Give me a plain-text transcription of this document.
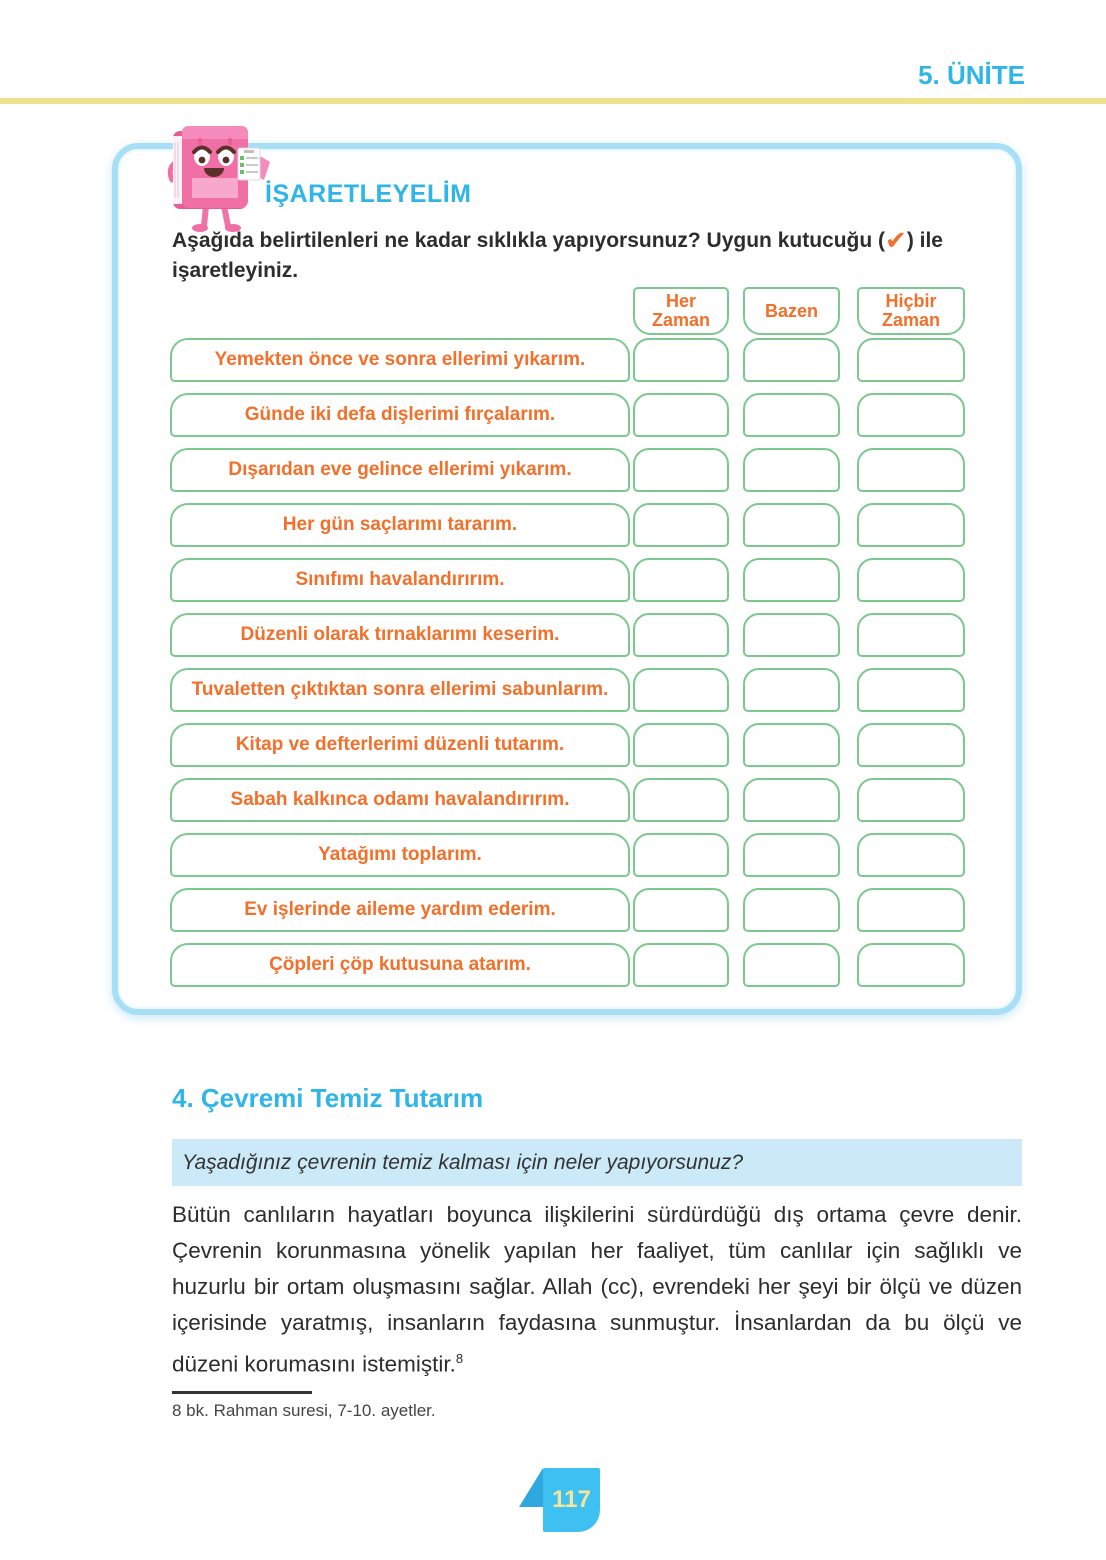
5. ÜNİTE
İŞARETLEYELİM

Aşağıda belirtilenleri ne kadar sıklıkla yapıyorsunuz? Uygun kutucuğu (✔) ile işaretleyiniz.

Her Zaman	Bazen	Hiçbir Zaman
Yemekten önce ve sonra ellerimi yıkarım.
Günde iki defa dişlerimi fırçalarım.
Dışarıdan eve gelince ellerimi yıkarım.
Her gün saçlarımı tararım.
Sınıfımı havalandırırım.
Düzenli olarak tırnaklarımı keserim.
Tuvaletten çıktıktan sonra ellerimi sabunlarım.
Kitap ve defterlerimi düzenli tutarım.
Sabah kalkınca odamı havalandırırım.
Yatağımı toplarım.
Ev işlerinde aileme yardım ederim.
Çöpleri çöp kutusuna atarım.
4. Çevremi Temiz Tutarım
Yaşadığınız çevrenin temiz kalması için neler yapıyorsunuz?

Bütün canlıların hayatları boyunca ilişkilerini sürdürdüğü dış ortama çevre denir. Çevrenin korunmasına yönelik yapılan her faaliyet, tüm canlılar için sağlıklı ve huzurlu bir ortam oluşmasını sağlar. Allah (cc), evrendeki her şeyi bir ölçü ve düzen içerisinde yaratmış, insanların faydasına sunmuştur. İnsanlardan da bu ölçü ve düzeni korumasını istemiştir.$^8$

8 bk. Rahman suresi, 7-10. ayetler.
117
